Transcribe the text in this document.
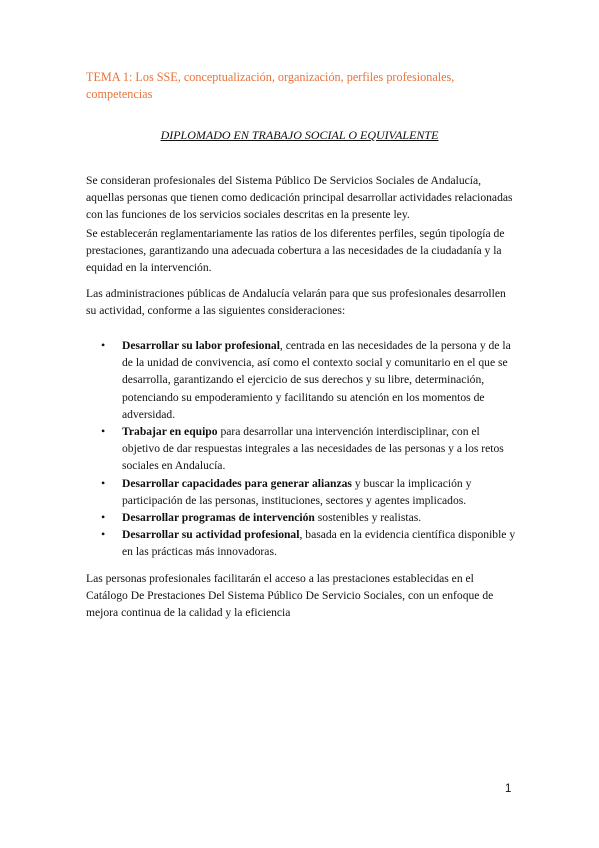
TEMA 1: Los SSE, conceptualización, organización, perfiles profesionales, competencias
DIPLOMADO EN TRABAJO SOCIAL O EQUIVALENTE

Se consideran profesionales del Sistema Público De Servicios Sociales de Andalucía, aquellas personas que tienen como dedicación principal desarrollar actividades relacionadas con las funciones de los servicios sociales descritas en la presente ley.

Se establecerán reglamentariamente las ratios de los diferentes perfiles, según tipología de prestaciones, garantizando una adecuada cobertura a las necesidades de la ciudadanía y la equidad en la intervención.

Las administraciones públicas de Andalucía velarán para que sus profesionales desarrollen su actividad, conforme a las siguientes consideraciones:

• Desarrollar su labor profesional, centrada en las necesidades de la persona y de la de la unidad de convivencia, así como el contexto social y comunitario en el que se desarrolla, garantizando el ejercicio de sus derechos y su libre, determinación, potenciando su empoderamiento y facilitando su atención en los momentos de adversidad.
• Trabajar en equipo para desarrollar una intervención interdisciplinar, con el objetivo de dar respuestas integrales a las necesidades de las personas y a los retos sociales en Andalucía.
• Desarrollar capacidades para generar alianzas y buscar la implicación y participación de las personas, instituciones, sectores y agentes implicados.
• Desarrollar programas de intervención sostenibles y realistas.
• Desarrollar su actividad profesional, basada en la evidencia científica disponible y en las prácticas más innovadoras.

Las personas profesionales facilitarán el acceso a las prestaciones establecidas en el Catálogo De Prestaciones Del Sistema Público De Servicio Sociales, con un enfoque de mejora continua de la calidad y la eficiencia

1
